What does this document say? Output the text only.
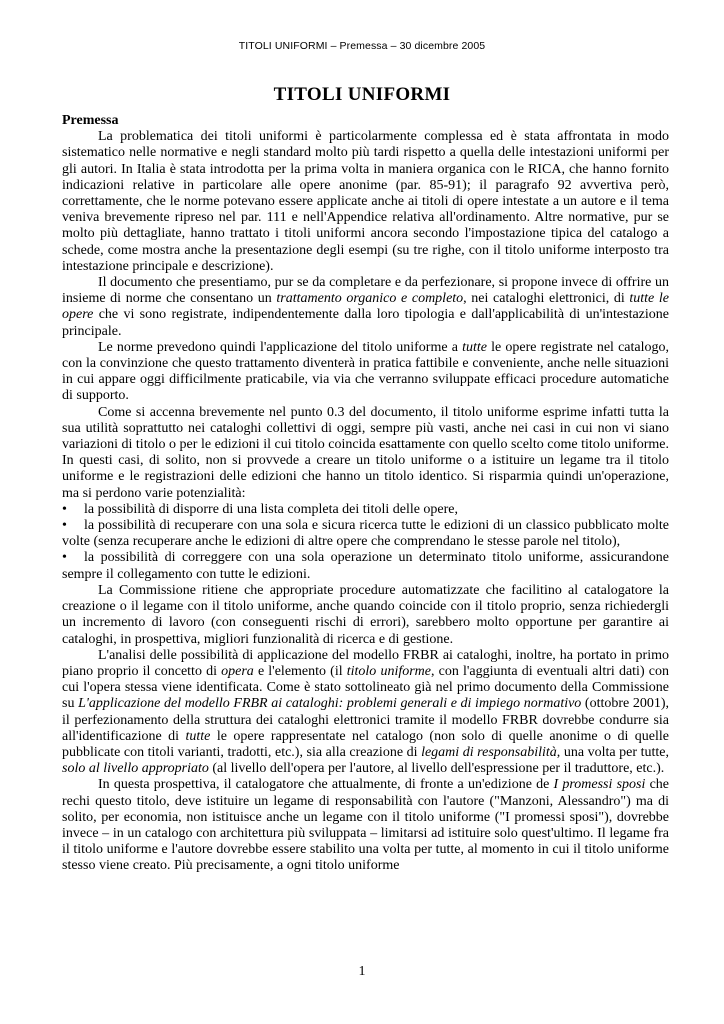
TITOLI UNIFORMI – Premessa – 30 dicembre 2005
TITOLI UNIFORMI

Premessa

La problematica dei titoli uniformi è particolarmente complessa ed è stata affrontata in modo sistematico nelle normative e negli standard molto più tardi rispetto a quella delle intestazioni uniformi per gli autori. In Italia è stata introdotta per la prima volta in maniera organica con le RICA, che hanno fornito indicazioni relative in particolare alle opere anonime (par. 85-91); il paragrafo 92 avvertiva però, correttamente, che le norme potevano essere applicate anche ai titoli di opere intestate a un autore e il tema veniva brevemente ripreso nel par. 111 e nell'Appendice relativa all'ordinamento. Altre normative, pur se molto più dettagliate, hanno trattato i titoli uniformi ancora secondo l'impostazione tipica del catalogo a schede, come mostra anche la presentazione degli esempi (su tre righe, con il titolo uniforme interposto tra intestazione principale e descrizione).

Il documento che presentiamo, pur se da completare e da perfezionare, si propone invece di offrire un insieme di norme che consentano un trattamento organico e completo, nei cataloghi elettronici, di tutte le opere che vi sono registrate, indipendentemente dalla loro tipologia e dall'applicabilità di un'intestazione principale.

Le norme prevedono quindi l'applicazione del titolo uniforme a tutte le opere registrate nel catalogo, con la convinzione che questo trattamento diventerà in pratica fattibile e conveniente, anche nelle situazioni in cui appare oggi difficilmente praticabile, via via che verranno sviluppate efficaci procedure automatiche di supporto.

Come si accenna brevemente nel punto 0.3 del documento, il titolo uniforme esprime infatti tutta la sua utilità soprattutto nei cataloghi collettivi di oggi, sempre più vasti, anche nei casi in cui non vi siano variazioni di titolo o per le edizioni il cui titolo coincida esattamente con quello scelto come titolo uniforme. In questi casi, di solito, non si provvede a creare un titolo uniforme o a istituire un legame tra il titolo uniforme e le registrazioni delle edizioni che hanno un titolo identico. Si risparmia quindi un'operazione, ma si perdono varie potenzialità:

• la possibilità di disporre di una lista completa dei titoli delle opere,

• la possibilità di recuperare con una sola e sicura ricerca tutte le edizioni di un classico pubblicato molte volte (senza recuperare anche le edizioni di altre opere che comprendano le stesse parole nel titolo),

• la possibilità di correggere con una sola operazione un determinato titolo uniforme, assicurandone sempre il collegamento con tutte le edizioni.

La Commissione ritiene che appropriate procedure automatizzate che facilitino al catalogatore la creazione o il legame con il titolo uniforme, anche quando coincide con il titolo proprio, senza richiedergli un incremento di lavoro (con conseguenti rischi di errori), sarebbero molto opportune per garantire ai cataloghi, in prospettiva, migliori funzionalità di ricerca e di gestione.

L'analisi delle possibilità di applicazione del modello FRBR ai cataloghi, inoltre, ha portato in primo piano proprio il concetto di opera e l'elemento (il titolo uniforme, con l'aggiunta di eventuali altri dati) con cui l'opera stessa viene identificata. Come è stato sottolineato già nel primo documento della Commissione su L'applicazione del modello FRBR ai cataloghi: problemi generali e di impiego normativo (ottobre 2001), il perfezionamento della struttura dei cataloghi elettronici tramite il modello FRBR dovrebbe condurre sia all'identificazione di tutte le opere rappresentate nel catalogo (non solo di quelle anonime o di quelle pubblicate con titoli varianti, tradotti, etc.), sia alla creazione di legami di responsabilità, una volta per tutte, solo al livello appropriato (al livello dell'opera per l'autore, al livello dell'espressione per il traduttore, etc.).

In questa prospettiva, il catalogatore che attualmente, di fronte a un'edizione de I promessi sposi che rechi questo titolo, deve istituire un legame di responsabilità con l'autore ("Manzoni, Alessandro") ma di solito, per economia, non istituisce anche un legame con il titolo uniforme ("I promessi sposi"), dovrebbe invece – in un catalogo con architettura più sviluppata – limitarsi ad istituire solo quest'ultimo. Il legame fra il titolo uniforme e l'autore dovrebbe essere stabilito una volta per tutte, al momento in cui il titolo uniforme stesso viene creato. Più precisamente, a ogni titolo uniforme

1
